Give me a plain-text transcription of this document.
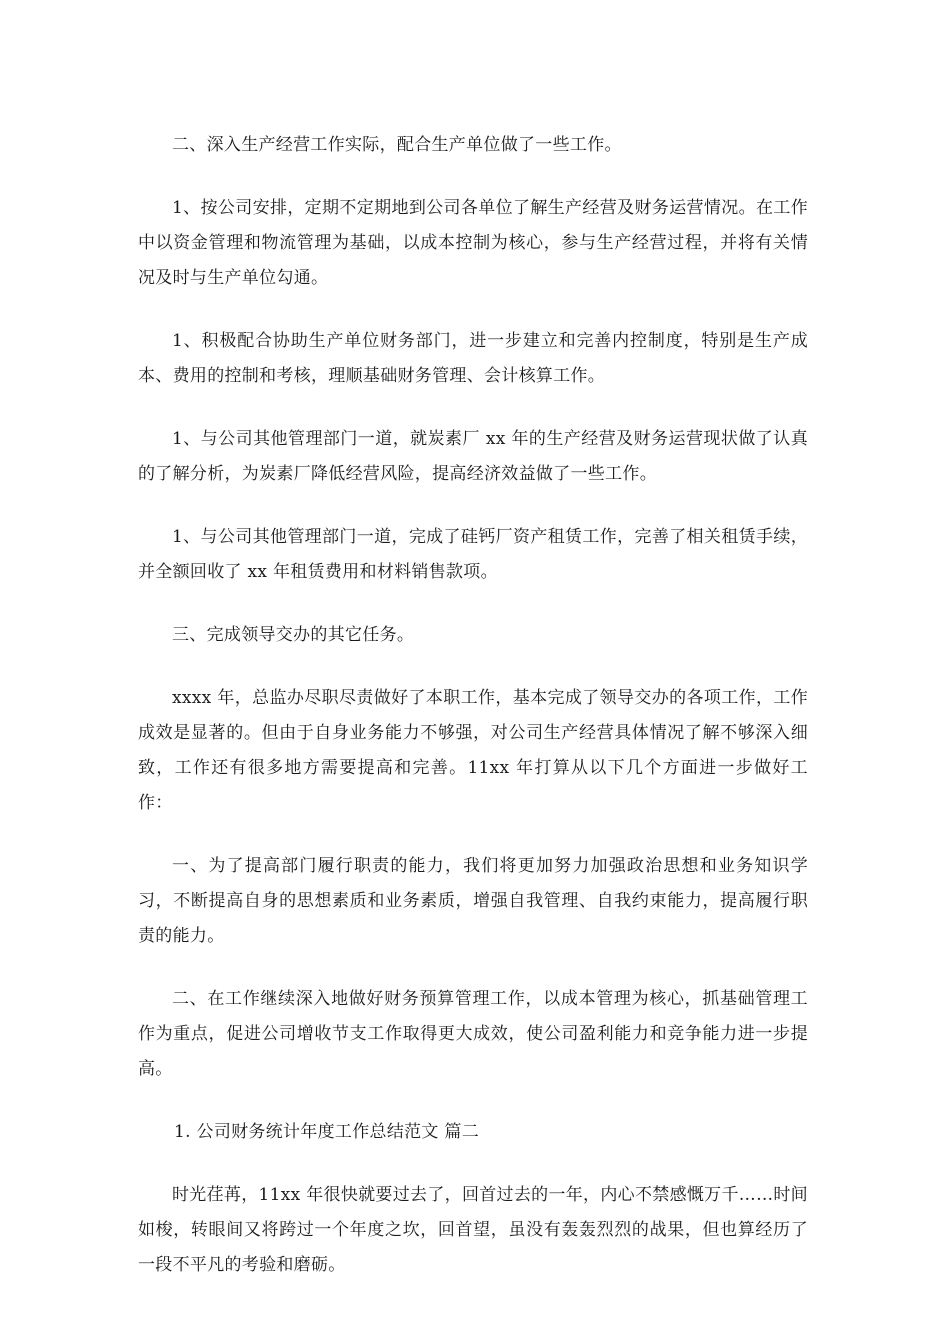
二、深入生产经营工作实际，配合生产单位做了一些工作。

1、按公司安排，定期不定期地到公司各单位了解生产经营及财务运营情况。在工作中以资金管理和物流管理为基础，以成本控制为核心，参与生产经营过程，并将有关情况及时与生产单位勾通。

1、积极配合协助生产单位财务部门，进一步建立和完善内控制度，特别是生产成本、费用的控制和考核，理顺基础财务管理、会计核算工作。

1、与公司其他管理部门一道，就炭素厂 xx 年的生产经营及财务运营现状做了认真的了解分析，为炭素厂降低经营风险，提高经济效益做了一些工作。

1、与公司其他管理部门一道，完成了硅钙厂资产租赁工作，完善了相关租赁手续，并全额回收了 xx 年租赁费用和材料销售款项。

三、完成领导交办的其它任务。

xxxx 年，总监办尽职尽责做好了本职工作，基本完成了领导交办的各项工作，工作成效是显著的。但由于自身业务能力不够强，对公司生产经营具体情况了解不够深入细致，工作还有很多地方需要提高和完善。11xx 年打算从以下几个方面进一步做好工作：

一、为了提高部门履行职责的能力，我们将更加努力加强政治思想和业务知识学习，不断提高自身的思想素质和业务素质，增强自我管理、自我约束能力，提高履行职责的能力。

二、在工作继续深入地做好财务预算管理工作，以成本管理为核心，抓基础管理工作为重点，促进公司增收节支工作取得更大成效，使公司盈利能力和竞争能力进一步提高。

1. 公司财务统计年度工作总结范文 篇二

时光荏苒，11xx 年很快就要过去了，回首过去的一年，内心不禁感慨万千……时间如梭，转眼间又将跨过一个年度之坎，回首望，虽没有轰轰烈烈的战果，但也算经历了一段不平凡的考验和磨砺。
